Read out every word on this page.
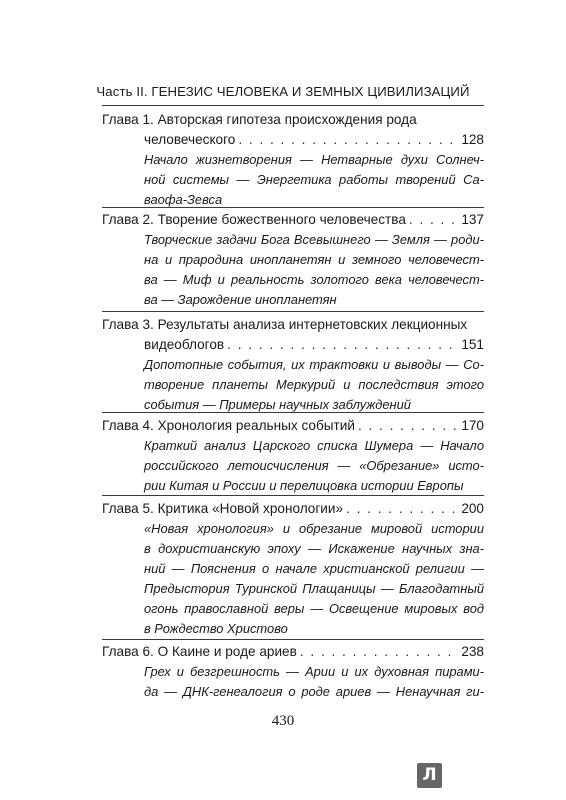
Часть II. ГЕНЕЗИС ЧЕЛОВЕКА И ЗЕМНЫХ ЦИВИЛИЗАЦИЙ
Глава 1. Авторская гипотеза происхождения рода
человеческого . . .	128
Начало жизнетворения — Нетварные духи Солнеч-
ной системы — Энергетика работы творений Са-
ваофа-Зевса
Глава 2. Творение божественного человечества . . .	137
Творческие задачи Бога Всевышнего — Земля — роди-
на и прародина инопланетян и земного человечест-
ва — Миф и реальность золотого века человечест-
ва — Зарождение инопланетян
Глава 3. Результаты анализа интернетовских лекционных
видеоблогов . . .	151
Допотопные события, их трактовки и выводы — Со-
творение планеты Меркурий и последствия этого
события — Примеры научных заблуждений
Глава 4. Хронология реальных событий . . .	170
Краткий анализ Царского списка Шумера — Начало
российского летоисчисления — «Обрезание» исто-
рии Китая и России и перелицовка истории Европы
Глава 5. Критика «Новой хронологии» . . .	200
«Новая хронология» и обрезание мировой истории
в дохристианскую эпоху — Искажение научных зна-
ний — Пояснения о начале христианской религии —
Предыстория Туринской Плащаницы — Благодатный
огонь православной веры — Освещение мировых вод
в Рождество Христово
Глава 6. О Каине и роде ариев . . .	238
Грех и безгрешность — Арии и их духовная пирами-
да — ДНК-генеалогия о роде ариев — Ненаучная ги-
430
Л
